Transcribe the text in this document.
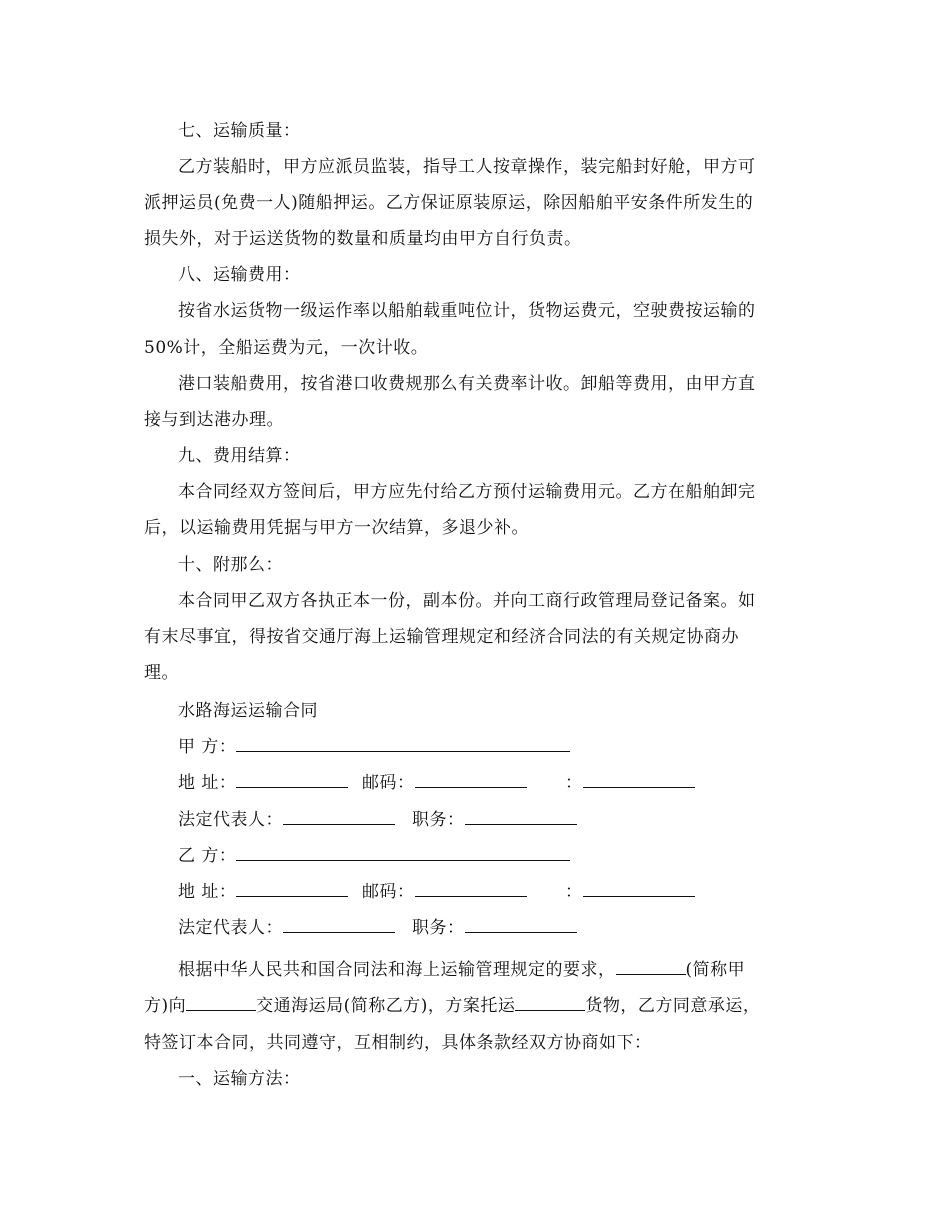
七、运输质量：
乙方装船时，甲方应派员监装，指导工人按章操作，装完船封好舱，甲方可
派押运员(免费一人)随船押运。乙方保证原装原运，除因船舶平安条件所发生的
损失外，对于运送货物的数量和质量均由甲方自行负责。
八、运输费用：
按省水运货物一级运作率以船舶载重吨位计，货物运费元，空驶费按运输的
50%计，全船运费为元，一次计收。
港口装船费用，按省港口收费规那么有关费率计收。卸船等费用，由甲方直
接与到达港办理。
九、费用结算：
本合同经双方签间后，甲方应先付给乙方预付运输费用元。乙方在船舶卸完
后，以运输费用凭据与甲方一次结算，多退少补。
十、附那么：
本合同甲乙双方各执正本一份，副本份。并向工商行政管理局登记备案。如
有末尽事宜，得按省交通厅海上运输管理规定和经济合同法的有关规定协商办
理。
水路海运运输合同
甲 方：
地 址：	邮码：	：
法定代表人：	职务：
乙 方：
地 址：	邮码：	：
法定代表人：	职务：
根据中华人民共和国合同法和海上运输管理规定的要求，	(简称甲
方)向	交通海运局(简称乙方)，方案托运	货物，乙方同意承运，
特签订本合同，共同遵守，互相制约，具体条款经双方协商如下：
一、运输方法：
